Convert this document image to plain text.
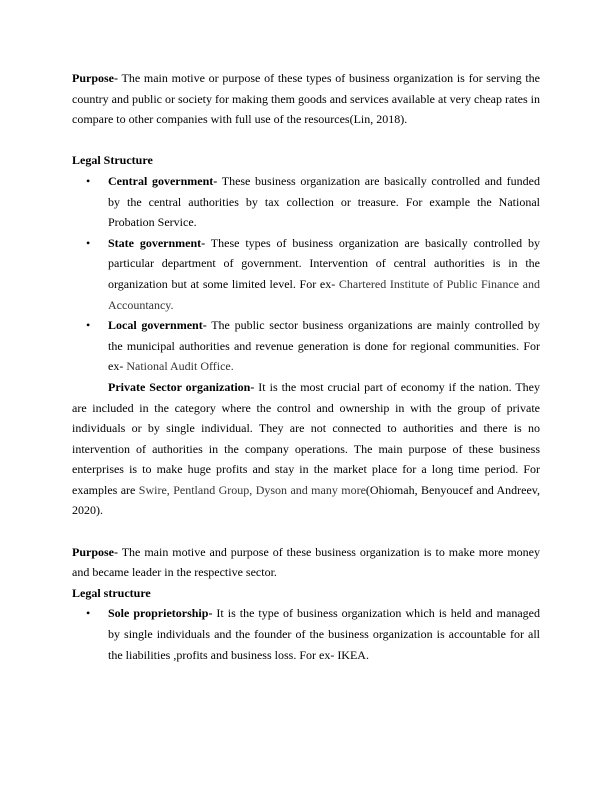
Purpose- The main motive or purpose of these types of business organization is for serving the country and public or society for making them goods and services available at very cheap rates in compare to other companies with full use of the resources(Lin, 2018).

Legal Structure

• Central government- These business organization are basically controlled and funded by the central authorities by tax collection or treasure. For example the National Probation Service.
• State government- These types of business organization are basically controlled by particular department of government. Intervention of central authorities is in the organization but at some limited level. For ex- Chartered Institute of Public Finance and Accountancy.
• Local government- The public sector business organizations are mainly controlled by the municipal authorities and revenue generation is done for regional communities. For ex- National Audit Office.

Private Sector organization- It is the most crucial part of economy if the nation. They are included in the category where the control and ownership in with the group of private individuals or by single individual. They are not connected to authorities and there is no intervention of authorities in the company operations. The main purpose of these business enterprises is to make huge profits and stay in the market place for a long time period. For examples are Swire, Pentland Group, Dyson and many more(Ohiomah, Benyoucef and Andreev, 2020).

Purpose- The main motive and purpose of these business organization is to make more money and became leader in the respective sector.

Legal structure

• Sole proprietorship- It is the type of business organization which is held and managed by single individuals and the founder of the business organization is accountable for all the liabilities ,profits and business loss. For ex- IKEA.
